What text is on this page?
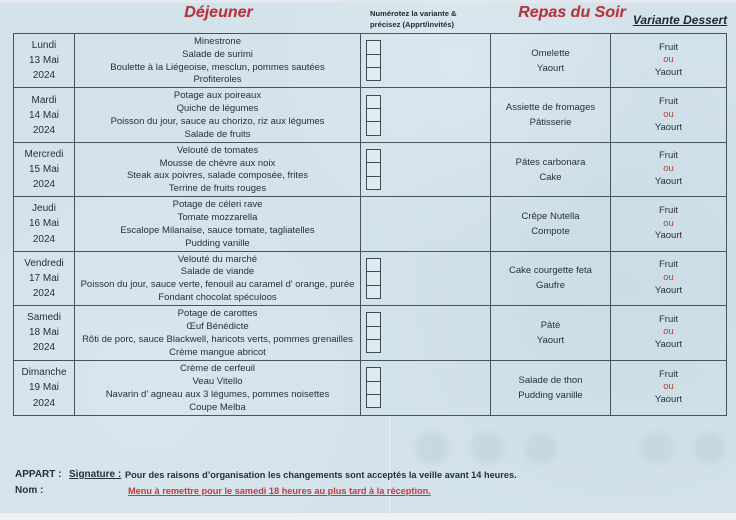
Déjeuner	Numérotez la variante &
précisez (Apprt/invités)
Repas du Soir Variante Dessert
Lundi
13 Mai
2024
Minestrone
Salade de surimi
Boulette à la Liégeoise, mesclun, pommes sautées
Profiteroles
Omelette
Yaourt
Fruit
ou
Yaourt
Mardi
14 Mai
2024
Potage aux poireaux
Quiche de légumes
Poisson du jour, sauce au chorizo, riz aux légumes
Salade de fruits
Assiette de fromages
Pâtisserie
Fruit
ou
Yaourt
Mercredi
15 Mai
2024
Velouté de tomates
Mousse de chèvre aux noix
Steak aux poivres, salade composée, frites
Terrine de fruits rouges
Pâtes carbonara
Cake
Fruit
ou
Yaourt
Jeudi
16 Mai
2024
Potage de céleri rave
Tomate mozzarella
Escalope Milanaise, sauce tomate, tagliatelles
Pudding vanille
Crêpe Nutella
Compote
Fruit
ou
Yaourt
Vendredi
17 Mai
2024
Velouté du marché
Salade de viande
Poisson du jour, sauce verte, fenouil au caramel d' orange, purée
Fondant chocolat spéculoos
Cake courgette feta
Gaufre
Fruit
ou
Yaourt
Samedi
18 Mai
2024
Potage de carottes
Œuf Bénédicte
Rôti de porc, sauce Blackwell, haricots verts, pommes grenailles
Crème mangue abricot
Pâté
Yaourt
Fruit
ou
Yaourt
Dimanche
19 Mai
2024
Crème de cerfeuil
Veau Vitello
Navarin d' agneau aux 3 légumes, pommes noisettes
Coupe Melba
Salade de thon
Pudding vanille
Fruit
ou
Yaourt
APPART :
Nom :
Signature : Pour des raisons d’organisation les changements sont acceptés la veille avant 14 heures.
Menu à remettre pour le samedi 18 heures au plus tard à la réception.
